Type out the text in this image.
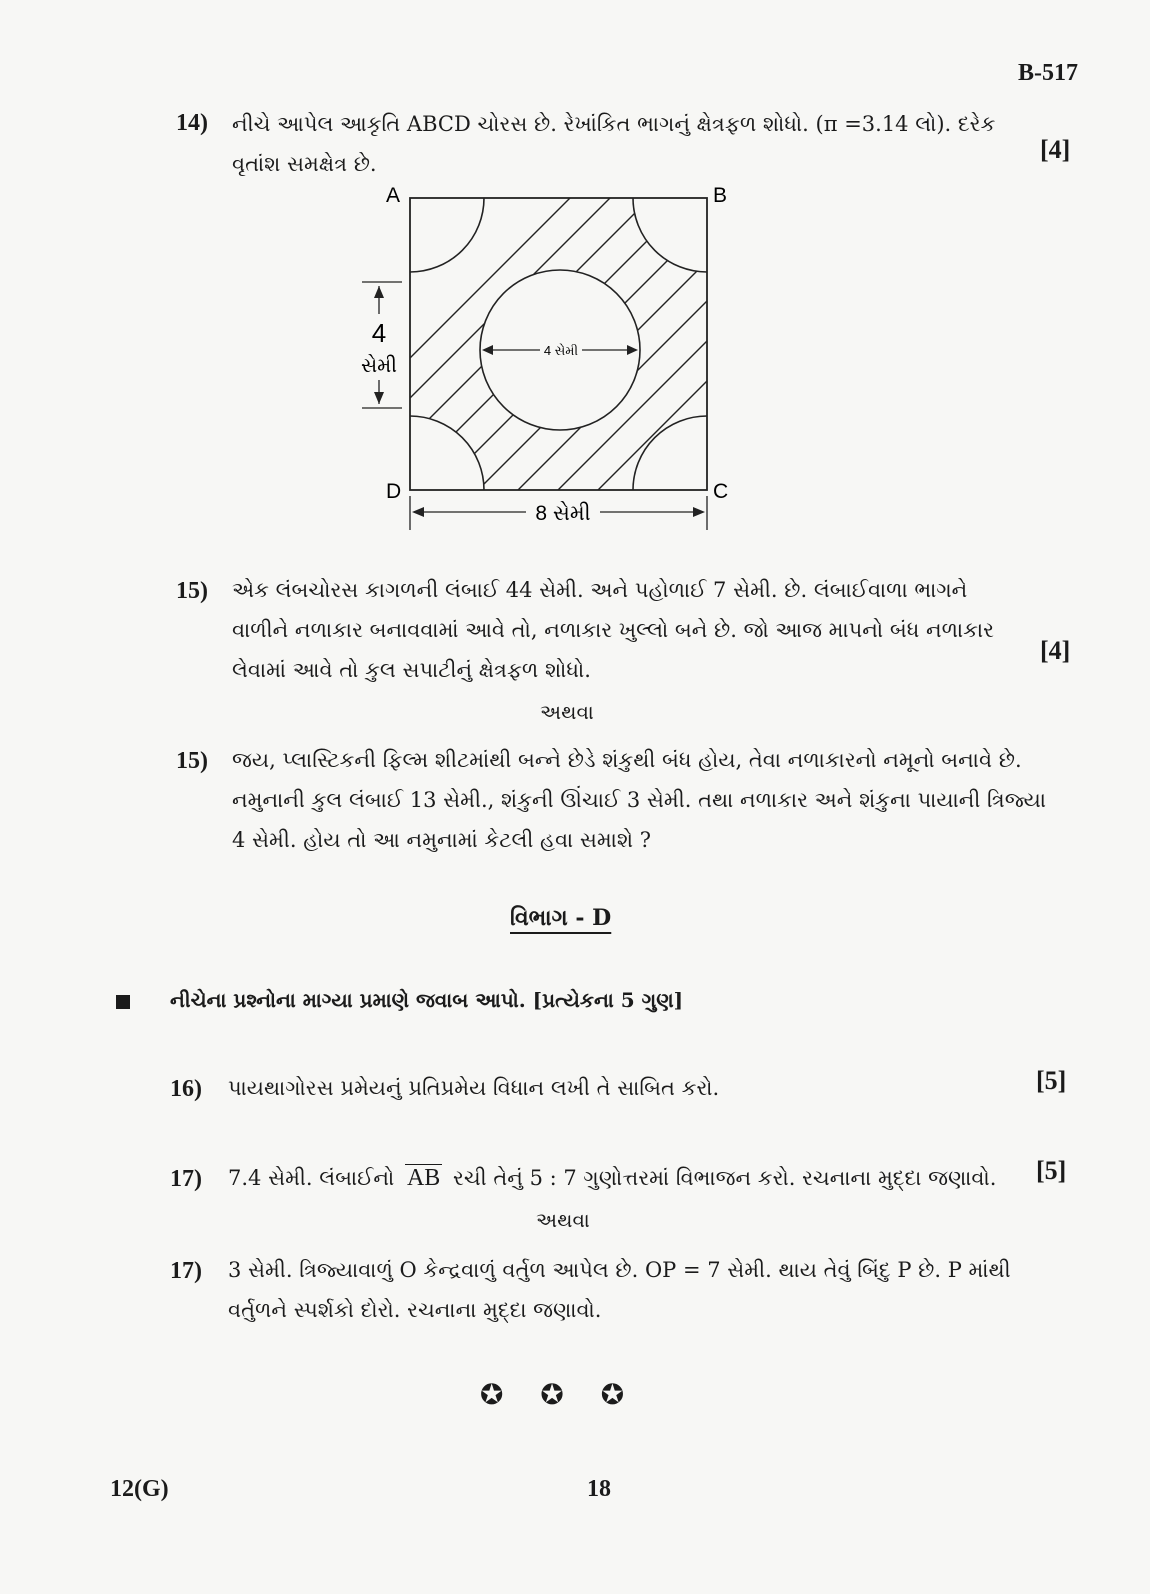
B-517
14) નીચે આપેલ આકૃતિ ABCD ચોરસ છે. રેખાંકિત ભાગનું ક્ષેત્રફળ શોધો. (π =3.14 લો). દરેક
વૃતાંશ સમક્ષેત્ર છે.	[4]
A	B
C
D
4 સેમી
4
સેમી
8 સેમી
15) એક લંબચોરસ કાગળની લંબાઈ 44 સેમી. અને પહોળાઈ 7 સેમી. છે. લંબાઈવાળા ભાગને
વાળીને નળાકાર બનાવવામાં આવે તો, નળાકાર ખુલ્લો બને છે. જો આજ માપનો બંધ નળાકાર
લેવામાં આવે તો કુલ સપાટીનું ક્ષેત્રફળ શોધો.
[4]
અથવા
15) જય, પ્લાસ્ટિકની ફિલ્મ શીટમાંથી બન્ને છેડે શંકુથી બંધ હોય, તેવા નળાકારનો નમૂનો બનાવે છે.
નમુનાની કુલ લંબાઈ 13 સેમી., શંકુની ઊંચાઈ 3 સેમી. તથા નળાકાર અને શંકુના પાયાની ત્રિજ્યા
4 સેમી. હોય તો આ નમુનામાં કેટલી હવા સમાશે ?
વિભાગ - D
નીચેના પ્રશ્નોના માગ્યા પ્રમાણે જવાબ આપો. [પ્રત્યેકના 5 ગુણ]
16) પાયથાગોરસ પ્રમેયનું પ્રતિપ્રમેય વિધાન લખી તે સાબિત કરો.	[5]
17) 7.4 સેમી. લંબાઈનો AB રચી તેનું 5 : 7 ગુણોત્તરમાં વિભાજન કરો. રચનાના મુદ્દા જણાવો. [5]
અથવા
17) 3 સેમી. ત્રિજ્યાવાળું O કેન્દ્રવાળું વર્તુળ આપેલ છે. OP = 7 સેમી. થાય તેવું બિંદુ P છે. P માંથી
વર્તુળને સ્પર્શકો દોરો. રચનાના મુદ્દા જણાવો.
✪ ✪ ✪
12(G)	18
